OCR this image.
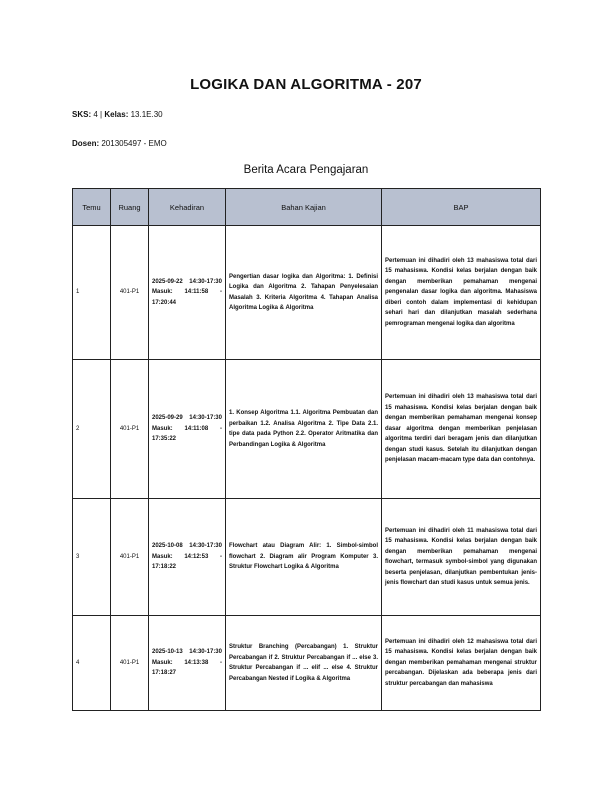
LOGIKA DAN ALGORITMA - 207
SKS: 4 | Kelas: 13.1E.30
Dosen: 201305497 - EMO
Berita Acara Pengajaran
Temu	Ruang	Kehadiran	Bahan Kajian	BAP
1	401-P1	2025-09-22 14:30-17:30 Masuk: 14:11:58 - 17:20:44	Pengertian dasar logika dan Algoritma: 1. Definisi Logika dan Algoritma 2. Tahapan Penyelesaian Masalah 3. Kriteria Algoritma 4. Tahapan Analisa Algoritma Logika & Algoritma	Pertemuan ini dihadiri oleh 13 mahasiswa total dari 15 mahasiswa. Kondisi kelas berjalan dengan baik dengan memberikan pemahaman mengenai pengenalan dasar logika dan algoritma. Mahasiswa diberi contoh dalam implementasi di kehidupan sehari hari dan dilanjutkan masalah sederhana pemrograman mengenai logika dan algoritma
2	401-P1	2025-09-29 14:30-17:30 Masuk: 14:11:08 - 17:35:22	1. Konsep Algoritma 1.1. Algoritma Pembuatan dan perbaikan 1.2. Analisa Algoritma 2. Tipe Data 2.1. tipe data pada Python 2.2. Operator Aritmatika dan Perbandingan Logika & Algoritma	Pertemuan ini dihadiri oleh 13 mahasiswa total dari 15 mahasiswa. Kondisi kelas berjalan dengan baik dengan memberikan pemahaman mengenai konsep dasar algoritma dengan memberikan penjelasan algoritma terdiri dari beragam jenis dan dilanjutkan dengan studi kasus. Setelah itu dilanjutkan dengan penjelasan macam-macam type data dan contohnya.
3	401-P1	2025-10-08 14:30-17:30 Masuk: 14:12:53 - 17:18:22	Flowchart atau Diagram Alir: 1. Simbol-simbol flowchart 2. Diagram alir Program Komputer 3. Struktur Flowchart Logika & Algoritma	Pertemuan ini dihadiri oleh 11 mahasiswa total dari 15 mahasiswa. Kondisi kelas berjalan dengan baik dengan memberikan pemahaman mengenai flowchart, termasuk symbol-simbol yang digunakan beserta penjelasan, dilanjutkan pembentukan jenis-jenis flowchart dan studi kasus untuk semua jenis.
4	401-P1	2025-10-13 14:30-17:30 Masuk: 14:13:38 - 17:18:27	Struktur Branching (Percabangan) 1. Struktur Percabangan if 2. Struktur Percabangan if ... else 3. Struktur Percabangan if ... elif ... else 4. Struktur Percabangan Nested if Logika & Algoritma	Pertemuan ini dihadiri oleh 12 mahasiswa total dari 15 mahasiswa. Kondisi kelas berjalan dengan baik dengan memberikan pemahaman mengenai struktur percabangan. Dijelaskan ada beberapa jenis dari struktur percabangan dan mahasiswa
